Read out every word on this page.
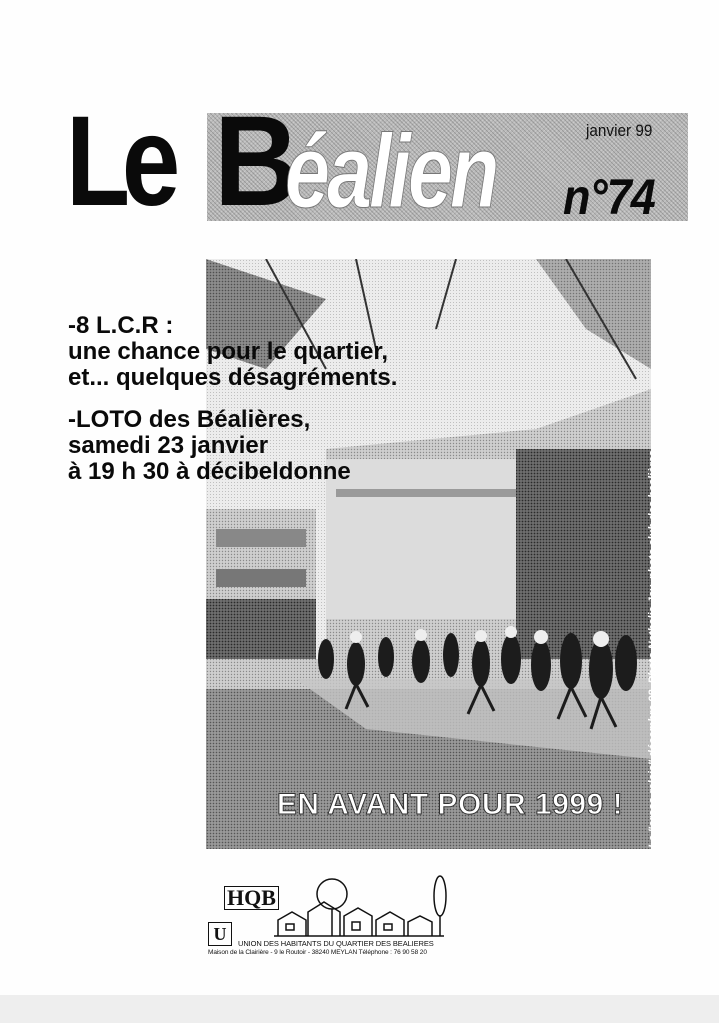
Le B
éalien	janvier 99
n°74
EN AVANT POUR 1999 !	Le "cross-relais" décembre 98. Photo Nathalie Jay, photo club des bealières.

-8 L.C.R :

une chance pour le quartier,

et... quelques désagréments.

-LOTO des Béalières,

samedi 23 janvier

à 19 h 30 à décibeldonne

HQB
U	UNION DES HABITANTS DU QUARTIER DES BEALIERES
Maison de la Clairière - 9 le Routoir - 38240 MEYLAN Téléphone : 76 90 58 20
